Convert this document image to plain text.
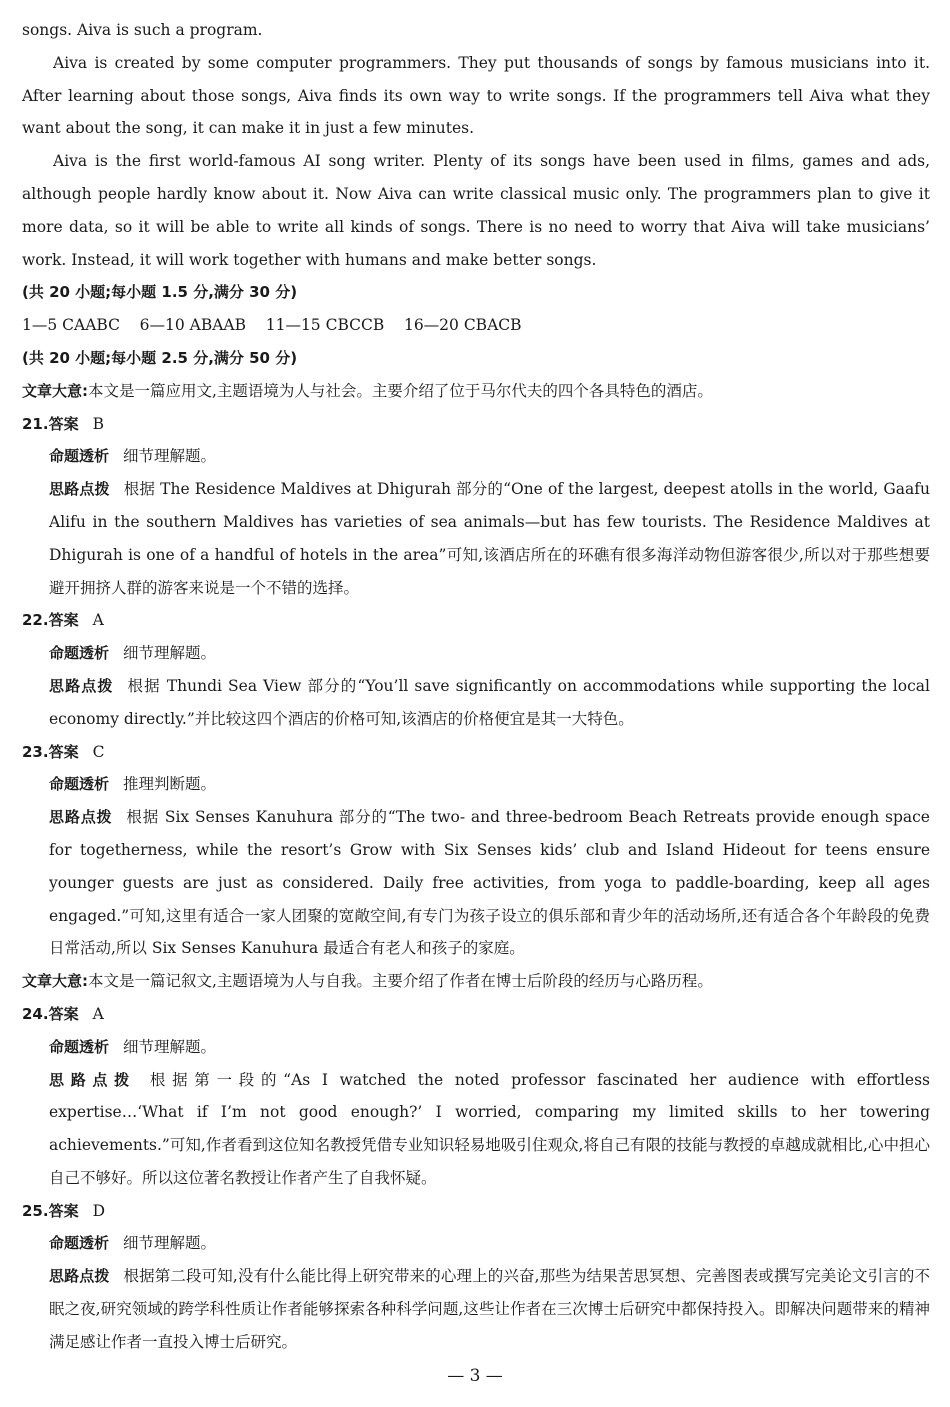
songs. Aiva is such a program.

Aiva is created by some computer programmers. They put thousands of songs by famous musicians into it. After learning about those songs, Aiva finds its own way to write songs. If the programmers tell Aiva what they want about the song, it can make it in just a few minutes.

Aiva is the first world-famous AI song writer. Plenty of its songs have been used in films, games and ads, although people hardly know about it. Now Aiva can write classical music only. The programmers plan to give it more data, so it will be able to write all kinds of songs. There is no need to worry that Aiva will take musicians’ work. Instead, it will work together with humans and make better songs.

(共 20 小题;每小题 1.5 分,满分 30 分)

1—5 CAABC    6—10 ABAAB    11—15 CBCCB    16—20 CBACB

(共 20 小题;每小题 2.5 分,满分 50 分)

文章大意:本文是一篇应用文,主题语境为人与社会。主要介绍了位于马尔代夫的四个各具特色的酒店。

21.答案 B

命题透析 细节理解题。

思路点拨 根据 The Residence Maldives at Dhigurah 部分的“One of the largest, deepest atolls in the world, Gaafu Alifu in the southern Maldives has varieties of sea animals—but has few tourists. The Residence Maldives at Dhigurah is one of a handful of hotels in the area”可知,该酒店所在的环礁有很多海洋动物但游客很少,所以对于那些想要避开拥挤人群的游客来说是一个不错的选择。

22.答案 A

命题透析 细节理解题。

思路点拨 根据 Thundi Sea View 部分的“You’ll save significantly on accommodations while supporting the local economy directly.”并比较这四个酒店的价格可知,该酒店的价格便宜是其一大特色。

23.答案 C

命题透析 推理判断题。

思路点拨 根据 Six Senses Kanuhura 部分的“The two- and three-bedroom Beach Retreats provide enough space for togetherness, while the resort’s Grow with Six Senses kids’ club and Island Hideout for teens ensure younger guests are just as considered. Daily free activities, from yoga to paddle-boarding, keep all ages engaged.”可知,这里有适合一家人团聚的宽敞空间,有专门为孩子设立的俱乐部和青少年的活动场所,还有适合各个年龄段的免费日常活动,所以 Six Senses Kanuhura 最适合有老人和孩子的家庭。

文章大意:本文是一篇记叙文,主题语境为人与自我。主要介绍了作者在博士后阶段的经历与心路历程。

24.答案 A

命题透析 细节理解题。

思路点拨 根据第一段的“As I watched the noted professor fascinated her audience with effortless expertise…‘What if I’m not good enough?’ I worried, comparing my limited skills to her towering achievements.”可知,作者看到这位知名教授凭借专业知识轻易地吸引住观众,将自己有限的技能与教授的卓越成就相比,心中担心自己不够好。所以这位著名教授让作者产生了自我怀疑。

25.答案 D

命题透析 细节理解题。

思路点拨 根据第二段可知,没有什么能比得上研究带来的心理上的兴奋,那些为结果苦思冥想、完善图表或撰写完美论文引言的不眠之夜,研究领域的跨学科性质让作者能够探索各种科学问题,这些让作者在三次博士后研究中都保持投入。即解决问题带来的精神满足感让作者一直投入博士后研究。

— 3 —
